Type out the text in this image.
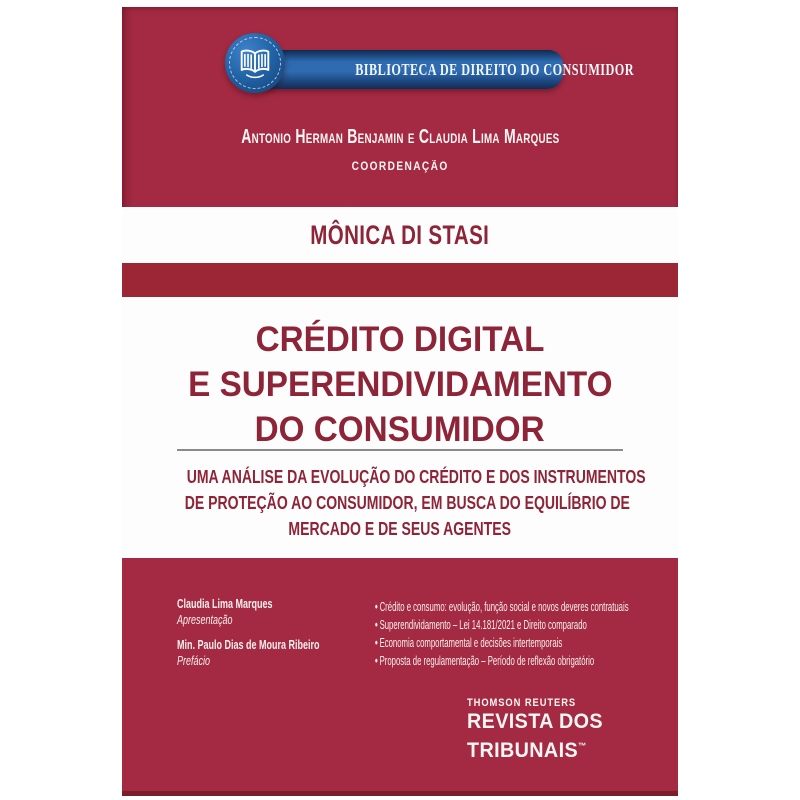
BIBLIOTECA DE DIREITO DO CONSUMIDOR
Antonio Herman Benjamin e Claudia Lima Marques
COORDENAÇÃO
MÔNICA DI STASI
CRÉDITO DIGITAL
E SUPERENDIVIDAMENTO
DO CONSUMIDOR
UMA ANÁLISE DA EVOLUÇÃO DO CRÉDITO E DOS INSTRUMENTOS
DE PROTEÇÃO AO CONSUMIDOR, EM BUSCA DO EQUILÍBRIO DE
MERCADO E DE SEUS AGENTES
Claudia Lima Marques
Apresentação
Min. Paulo Dias de Moura Ribeiro
Prefácio
• Crédito e consumo: evolução, função social e novos deveres contratuais
• Superendividamento – Lei 14.181/2021 e Direito comparado
• Economia comportamental e decisões intertemporais
• Proposta de regulamentação – Período de reflexão obrigatório
THOMSON REUTERS
REVISTA DOS
TRIBUNAIS™
